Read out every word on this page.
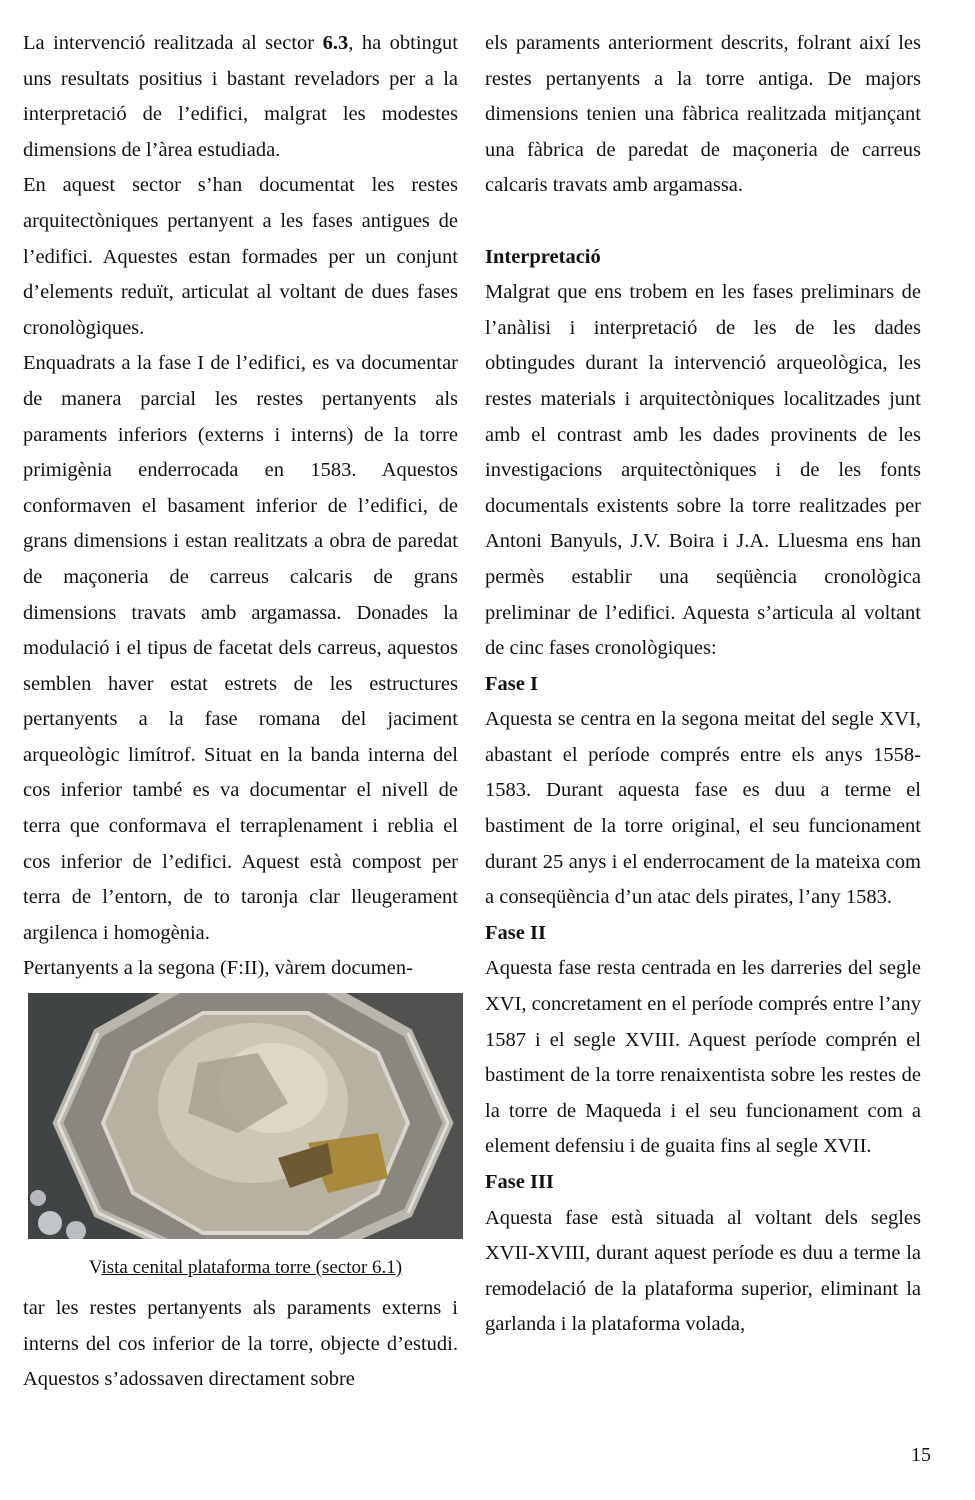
La intervenció realitzada al sector 6.3, ha obtingut uns resultats positius i bastant reveladors per a la interpretació de l’edifici, malgrat les modestes dimensions de l’àrea estudiada.

En aquest sector s’han documentat les restes arquitectòniques pertanyent a les fases antigues de l’edifici. Aquestes estan formades per un conjunt d’elements reduït, articulat al voltant de dues fases cronològiques.

Enquadrats a la fase I de l’edifici, es va documentar de manera parcial les restes pertanyents als paraments inferiors (externs i interns) de la torre primigènia enderrocada en 1583. Aquestos conformaven el basament inferior de l’edifici, de grans dimensions i estan realitzats a obra de paredat de maçoneria de carreus calcaris de grans dimensions travats amb argamassa. Donades la modulació i el tipus de facetat dels carreus, aquestos semblen haver estat estrets de les estructures pertanyents a la fase romana del jaciment arqueològic limítrof. Situat en la banda interna del cos inferior també es va documentar el nivell de terra que conformava el terraplenament i reblia el cos inferior de l’edifici. Aquest està compost per terra de l’entorn, de to taronja clar lleugerament argilenca i homogènia.

Pertanyents a la segona (F:II), vàrem documen-

Vista cenital plataforma torre (sector 6.1)

tar les restes pertanyents als paraments externs i interns del cos inferior de la torre, objecte d’estudi. Aquestos s’adossaven directament sobre

els paraments anteriorment descrits, folrant així les restes pertanyents a la torre antiga. De majors dimensions tenien una fàbrica realitzada mitjançant una fàbrica de paredat de maçoneria de carreus calcaris travats amb argamassa.

Interpretació

Malgrat que ens trobem en les fases preliminars de l’anàlisi i interpretació de les de les dades obtingudes durant la intervenció arqueològica, les restes materials i arquitectòniques localitzades junt amb el contrast amb les dades provinents de les investigacions arquitectòniques i de les fonts documentals existents sobre la torre realitzades per Antoni Banyuls, J.V. Boira i J.A. Lluesma ens han permès establir una seqüència cronològica preliminar de l’edifici. Aquesta s’articula al voltant de cinc fases cronològiques:

Fase I

Aquesta se centra en la segona meitat del segle XVI, abastant el període comprés entre els anys 1558-1583. Durant aquesta fase es duu a terme el bastiment de la torre original, el seu funcionament durant 25 anys i el enderrocament de la mateixa com a conseqüència d’un atac dels pirates, l’any 1583.

Fase II

Aquesta fase resta centrada en les darreries del segle XVI, concretament en el període comprés entre l’any 1587 i el segle XVIII. Aquest període comprén el bastiment de la torre renaixentista sobre les restes de la torre de Maqueda i el seu funcionament com a element defensiu i de guaita fins al segle XVII.

Fase III

Aquesta fase està situada al voltant dels segles XVII-XVIII, durant aquest període es duu a terme la remodelació de la plataforma superior, eliminant la garlanda i la plataforma volada,

15
